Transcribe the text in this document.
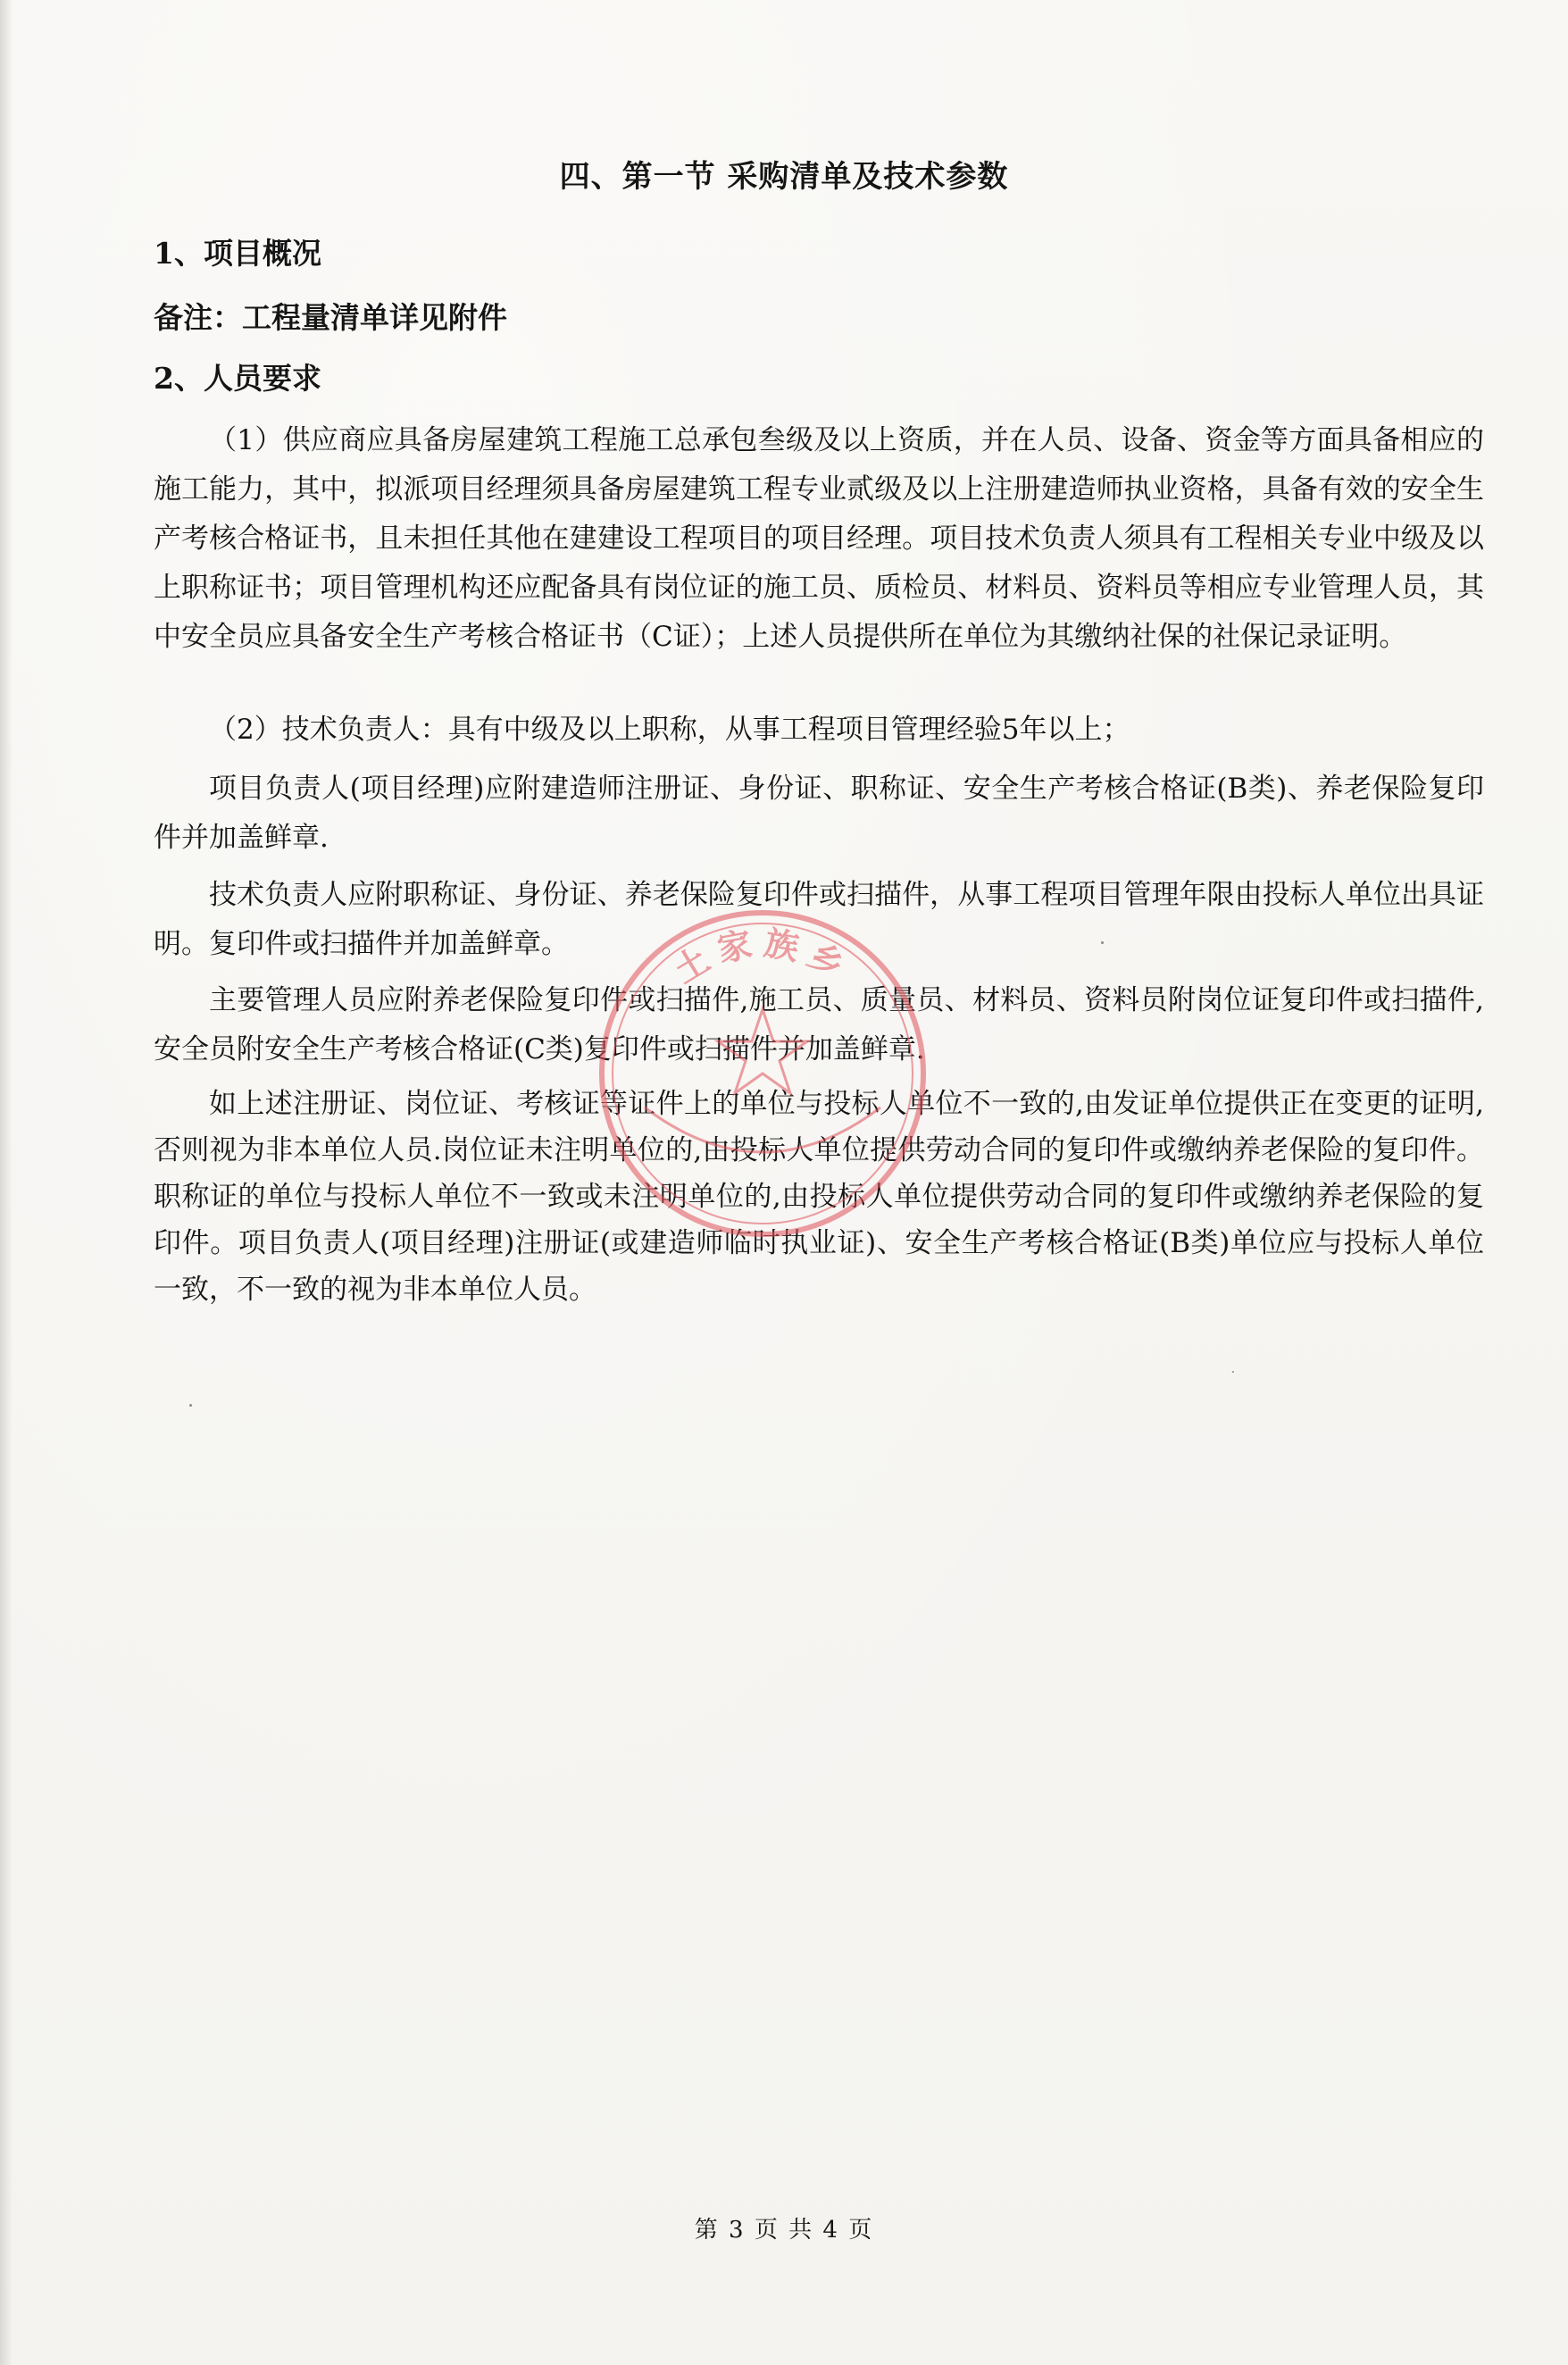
四、第一节 采购清单及技术参数
1、项目概况
备注：工程量清单详见附件
2、人员要求

（1）供应商应具备房屋建筑工程施工总承包叁级及以上资质，并在人员、设备、资金等方面具备相应的施工能力，其中，拟派项目经理须具备房屋建筑工程专业贰级及以上注册建造师执业资格，具备有效的安全生产考核合格证书，且未担任其他在建建设工程项目的项目经理。项目技术负责人须具有工程相关专业中级及以上职称证书；项目管理机构还应配备具有岗位证的施工员、质检员、材料员、资料员等相应专业管理人员，其中安全员应具备安全生产考核合格证书（C证）；上述人员提供所在单位为其缴纳社保的社保记录证明。

（2）技术负责人：具有中级及以上职称，从事工程项目管理经验5年以上；

项目负责人(项目经理)应附建造师注册证、身份证、职称证、安全生产考核合格证(B类)、养老保险复印件并加盖鲜章.

技术负责人应附职称证、身份证、养老保险复印件或扫描件，从事工程项目管理年限由投标人单位出具证明。复印件或扫描件并加盖鲜章。

主要管理人员应附养老保险复印件或扫描件,施工员、质量员、材料员、资料员附岗位证复印件或扫描件,安全员附安全生产考核合格证(C类)复印件或扫描件并加盖鲜章.

如上述注册证、岗位证、考核证等证件上的单位与投标人单位不一致的,由发证单位提供正在变更的证明,否则视为非本单位人员.岗位证未注明单位的,由投标人单位提供劳动合同的复印件或缴纳养老保险的复印件。职称证的单位与投标人单位不一致或未注明单位的,由投标人单位提供劳动合同的复印件或缴纳养老保险的复印件。项目负责人(项目经理)注册证(或建造师临时执业证)、安全生产考核合格证(B类)单位应与投标人单位一致，不一致的视为非本单位人员。

土家族乡
第 3 页 共 4 页
